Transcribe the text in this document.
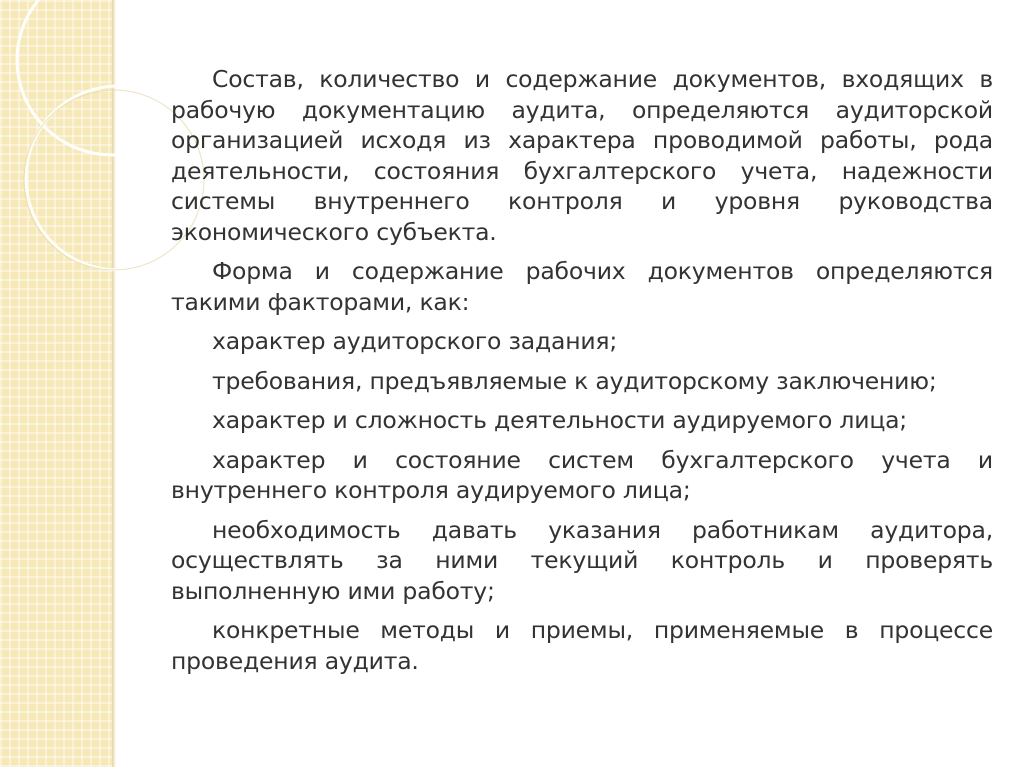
Состав, количество и содержание документов, входящих в рабочую документацию аудита, определяются аудиторской организацией исходя из характера проводимой работы, рода деятельности, состояния бухгалтерского учета, надежности системы внутреннего контроля и уровня руководства экономического субъекта.

Форма и содержание рабочих документов определяются такими факторами, как:

характер аудиторского задания;

требования, предъявляемые к аудиторскому заключению;

характер и сложность деятельности аудируемого лица;

характер и состояние систем бухгалтерского учета и внутреннего контроля аудируемого лица;

необходимость давать указания работникам аудитора, осуществлять за ними текущий контроль и проверять выполненную ими работу;

конкретные методы и приемы, применяемые в процессе проведения аудита.
